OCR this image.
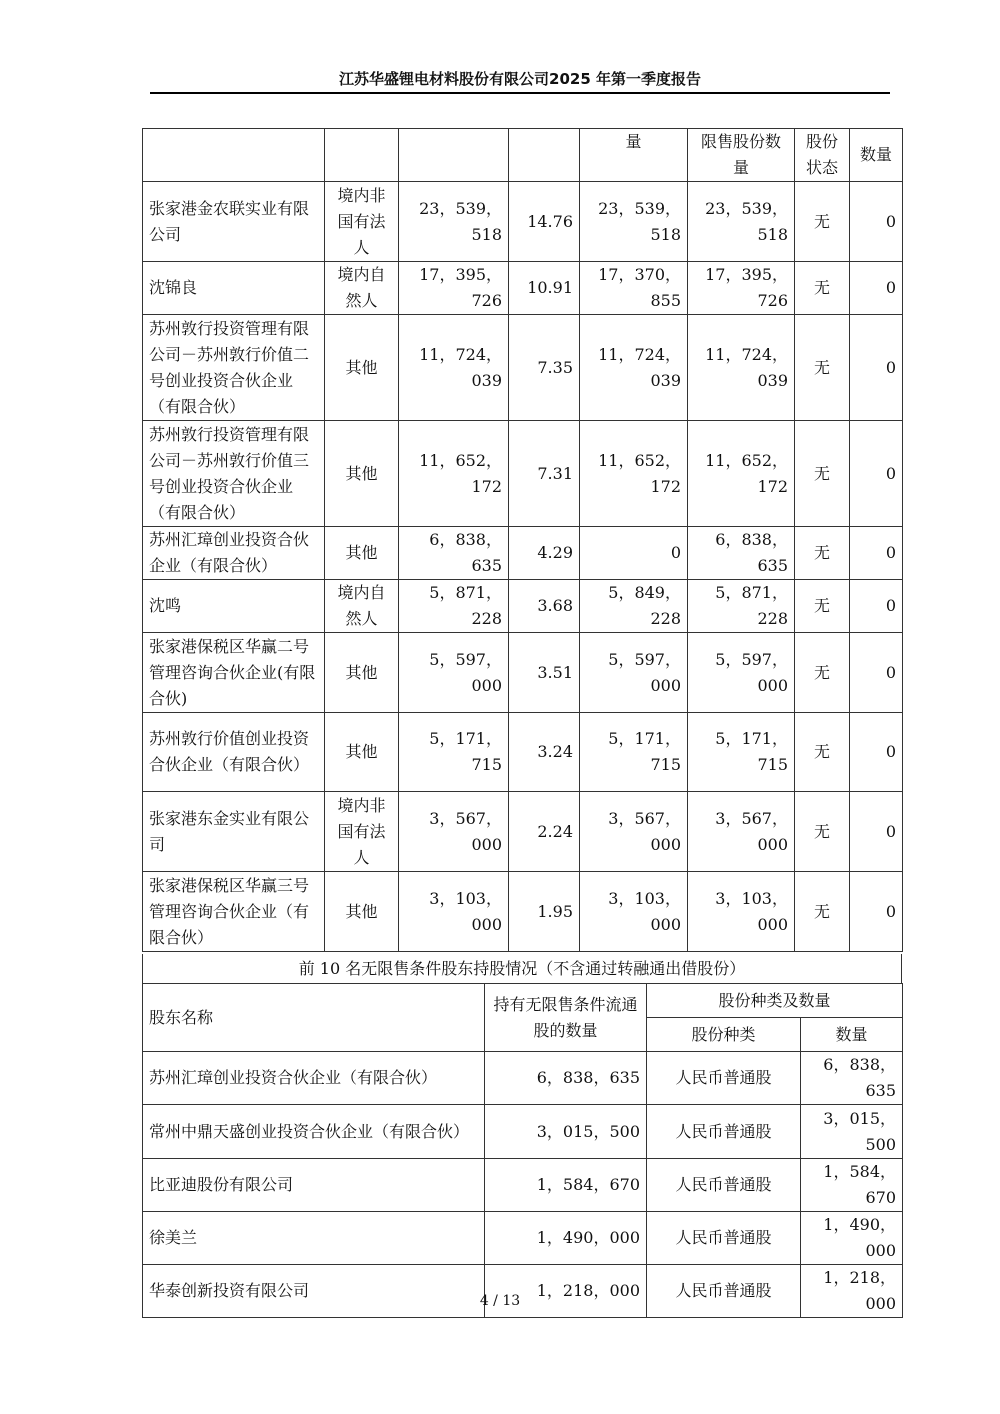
江苏华盛锂电材料股份有限公司2025 年第一季度报告
				量	限售股份数量	股份状态	数量
张家港金农联实业有限公司	境内非国有法人	23，539，518	14.76	23，539，518	23，539，518	无	0
沈锦良	境内自然人	17，395，726	10.91	17，370，855	17，395，726	无	0
苏州敦行投资管理有限公司－苏州敦行价值二号创业投资合伙企业（有限合伙）	其他	11，724，039	7.35	11，724，039	11，724，039	无	0
苏州敦行投资管理有限公司－苏州敦行价值三号创业投资合伙企业（有限合伙）	其他	11，652，172	7.31	11，652，172	11，652，172	无	0
苏州汇璋创业投资合伙企业（有限合伙）	其他	6，838，635	4.29	0	6，838，635	无	0
沈鸣	境内自然人	5，871，228	3.68	5，849，228	5，871，228	无	0
张家港保税区华赢二号管理咨询合伙企业(有限合伙)	其他	5，597，000	3.51	5，597，000	5，597，000	无	0
苏州敦行价值创业投资合伙企业（有限合伙）	其他	5，171，715	3.24	5，171，715	5，171，715	无	0
张家港东金实业有限公司	境内非国有法人	3，567，000	2.24	3，567，000	3，567，000	无	0
张家港保税区华赢三号管理咨询合伙企业（有限合伙）	其他	3，103，000	1.95	3，103，000	3，103，000	无	0
前 10 名无限售条件股东持股情况（不含通过转融通出借股份）
股东名称	持有无限售条件流通股的数量	股份种类及数量	
		股份种类	数量
苏州汇璋创业投资合伙企业（有限合伙）	6，838，635	人民币普通股	6，838，635
常州中鼎天盛创业投资合伙企业（有限合伙）	3，015，500	人民币普通股	3，015，500
比亚迪股份有限公司	1，584，670	人民币普通股	1，584，670
徐美兰	1，490，000	人民币普通股	1，490，000
华泰创新投资有限公司	1，218，000	人民币普通股	1，218，000
4 / 13
